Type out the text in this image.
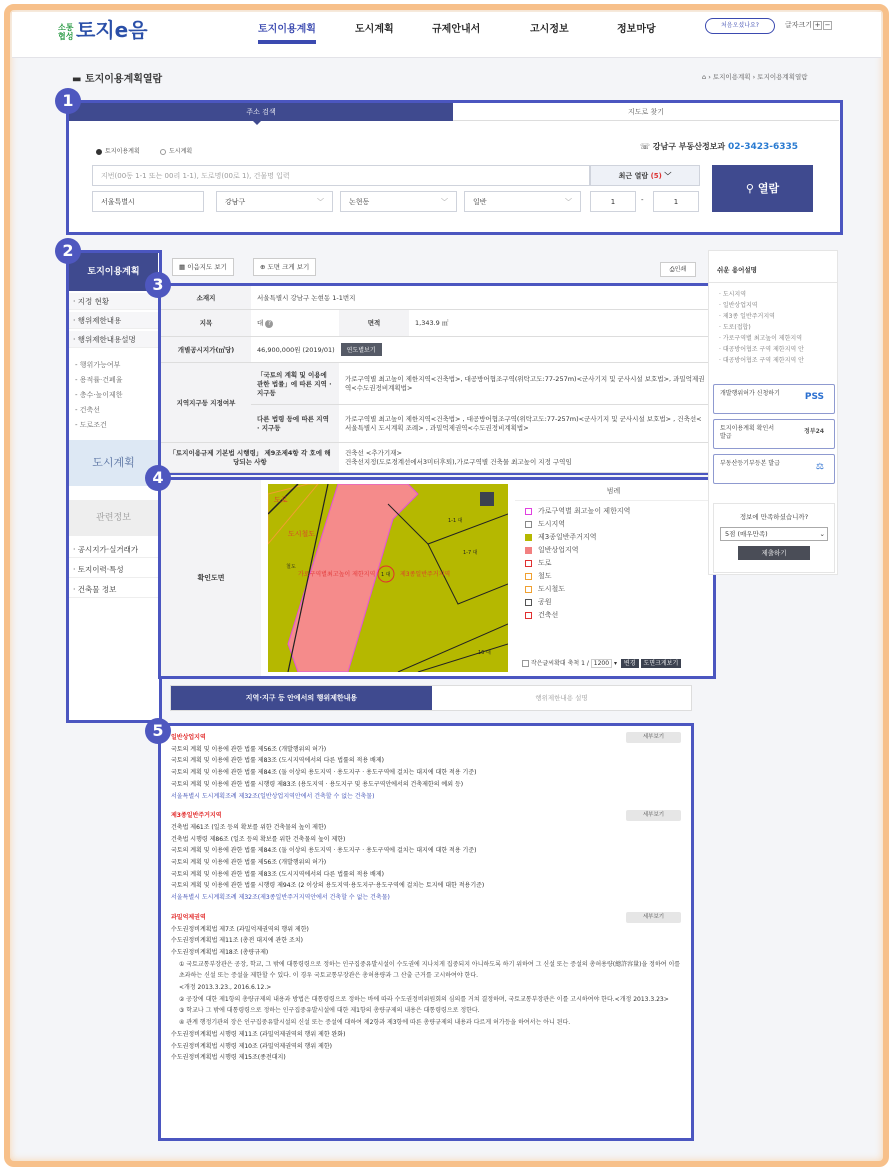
소통 협성 토지e음	토지이용계획	도시계획	규제안내서	고시정보	정보마당	처음오셨나요?	글자크기 + −
▬ 토지이용계획열람	⌂ › 토지이용계획 › 토지이용계획열람
주소 검색	지도로 찾기
토지이용계획	도시계획
☏ 강남구 부동산정보과 02-3423-6335
지번(00동 1-1 또는 00리 1-1), 도로명(00로 1), 건물명 입력	최근 열람 (5) ﹀
서울특별시	강남구	﹀	논현동	﹀	일반	﹀	1	-	1
⚲ 열람
토지이용계획
· 지정 현황
· 행위제한내용
· 행위제한내용설명
- 행위가능여부
- 용적률·건폐율
- 층수·높이제한
- 건축선
- 도로조건
도시계획
관련정보
· 공시지가·실거래가
· 토지이력·특성
· 건축물 정보
▦ 이음지도 보기	⊕ 도면 크게 보기	⎙인쇄
소재지	서울특별시 강남구 논현동 1-1번지		
지목	대 ?	면적	1,343.9 ㎡
개별공시지가(㎡당)	46,900,000원 (2019/01) 연도별보기		
지역지구등 지정여부	「국토의 계획 및 이용에 관한 법률」에 따른 지역 · 지구등	가로구역별 최고높이 제한지역<건축법>, 대공방어협조구역(위탁고도:77-257m)<군사기지 및 군사시설 보호법>, 과밀억제권역<수도권정비계획법>	
	다른 법령 등에 따른 지역 · 지구등	가로구역별 최고높이 제한지역<건축법> , 대공방어협조구역(위탁고도:77-257m)<군사기지 및 군사시설 보호법> , 건축선<서울특별시 도시계획 조례> , 과밀억제권역<수도권정비계획법>	
「토지이용규제 기본법 시행령」 제9조제4항 각 호에 해당되는 사항		건축선 <추가기재>
건축선지정(도로경계선에서3미터후퇴),가로구역별 건축물 최고높이 지정 구역임	
확인도면
도로
도시철도
1-1 대
1-7 대
1 대
16 대
가로구역별최고높이 제한지역	제3종일반주거지역
철도
범례
가로구역별 최고높이 제한지역
도시지역
제3종일반주거지역
일반상업지역
도로
철도
도시철도
공원
건축선
작은글씨확대 축척 1 / 1200 ▾ 변경 도면크게보기
지역·지구 등 안에서의 행위제한내용	행위제한내용 설명
일반상업지역	세부보기
국토의 계획 및 이용에 관한 법률 제56조 (개발행위의 허가)
국토의 계획 및 이용에 관한 법률 제83조 (도시지역에서의 다른 법률의 적용 배제)
국토의 계획 및 이용에 관한 법률 제84조 (둘 이상의 용도지역 · 용도지구 · 용도구역에 걸치는 대지에 대한 적용 기준)
국토의 계획 및 이용에 관한 법률 시행령 제83조 (용도지역 · 용도지구 및 용도구역안에서의 건축제한의 예외 등)
서울특별시 도시계획조례 제32조(일반상업지역안에서 건축할 수 없는 건축물)
제3종일반주거지역	세부보기
건축법 제61조 (일조 등의 확보를 위한 건축물의 높이 제한)
건축법 시행령 제86조 (일조 등의 확보를 위한 건축물의 높이 제한)
국토의 계획 및 이용에 관한 법률 제84조 (둘 이상의 용도지역 · 용도지구 · 용도구역에 걸치는 대지에 대한 적용 기준)
국토의 계획 및 이용에 관한 법률 제56조 (개발행위의 허가)
국토의 계획 및 이용에 관한 법률 제83조 (도시지역에서의 다른 법률의 적용 배제)
국토의 계획 및 이용에 관한 법률 시행령 제94조 (2 이상의 용도지역·용도지구·용도구역에 걸치는 토지에 대한 적용기준)
서울특별시 도시계획조례 제32조(제3종일반주거지역안에서 건축할 수 없는 건축물)
과밀억제권역	세부보기
수도권정비계획법 제7조 (과밀억제권역의 행위 제한)
수도권정비계획법 제11조 (총전 대지에 관한 조치)
수도권정비계획법 제18조 (총량규제)
① 국토교통부장관은 공장, 학교, 그 밖에 대통령령으로 정하는 인구집중유발시설이 수도권에 지나치게 집중되지 아니하도록 하기 위하여 그 신설 또는 증설의 총허용량(總許容量)을 정하여 이를 초과하는 신설 또는 증설을 제한할 수 있다. 이 경우 국토교통부장관은 총허용량과 그 산출 근거를 고시하여야 한다.
<개정 2013.3.23., 2016.6.12.>
② 공장에 대한 제1항의 총량규제의 내용과 방법은 대통령령으로 정하는 바에 따라 수도권정비위원회의 심의를 거쳐 결정하며, 국토교통부장관은 이를 고시하여야 한다.<개정 2013.3.23>
③ 학교나 그 밖에 대통령령으로 정하는 인구집중유발시설에 대한 제1항의 총량규제의 내용은 대통령령으로 정한다.
④ 관계 행정기관의 장은 인구집중유발시설의 신설 또는 증설에 대하여 제2항과 제3항에 따른 총량규제의 내용과 다르게 허가등을 하여서는 아니 된다.
수도권정비계획법 시행령 제11조 (과밀억제권역의 행위 제한 완화)
수도권정비계획법 시행령 제10조 (과밀억제권역의 행위 제한)
수도권정비계획법 시행령 제15조(종전대지)
쉬운 용어설명
· 도시지역
· 일반상업지역
· 제3종 일반주거지역
· 도로(접합)
· 가로구역별 최고높이 제한지역
· 대공방어협조 구역 제한지역 안
· 대공방어협조 구역 제한지역 안
개발행위허가 신청하기	PSS
토지이용계획 확인서 발급
정부24
부동산등기부등본 발급	⚖
정보에 만족하셨습니까?
5점 (매우만족)	⌄
제출하기
1
2
3
4
5
